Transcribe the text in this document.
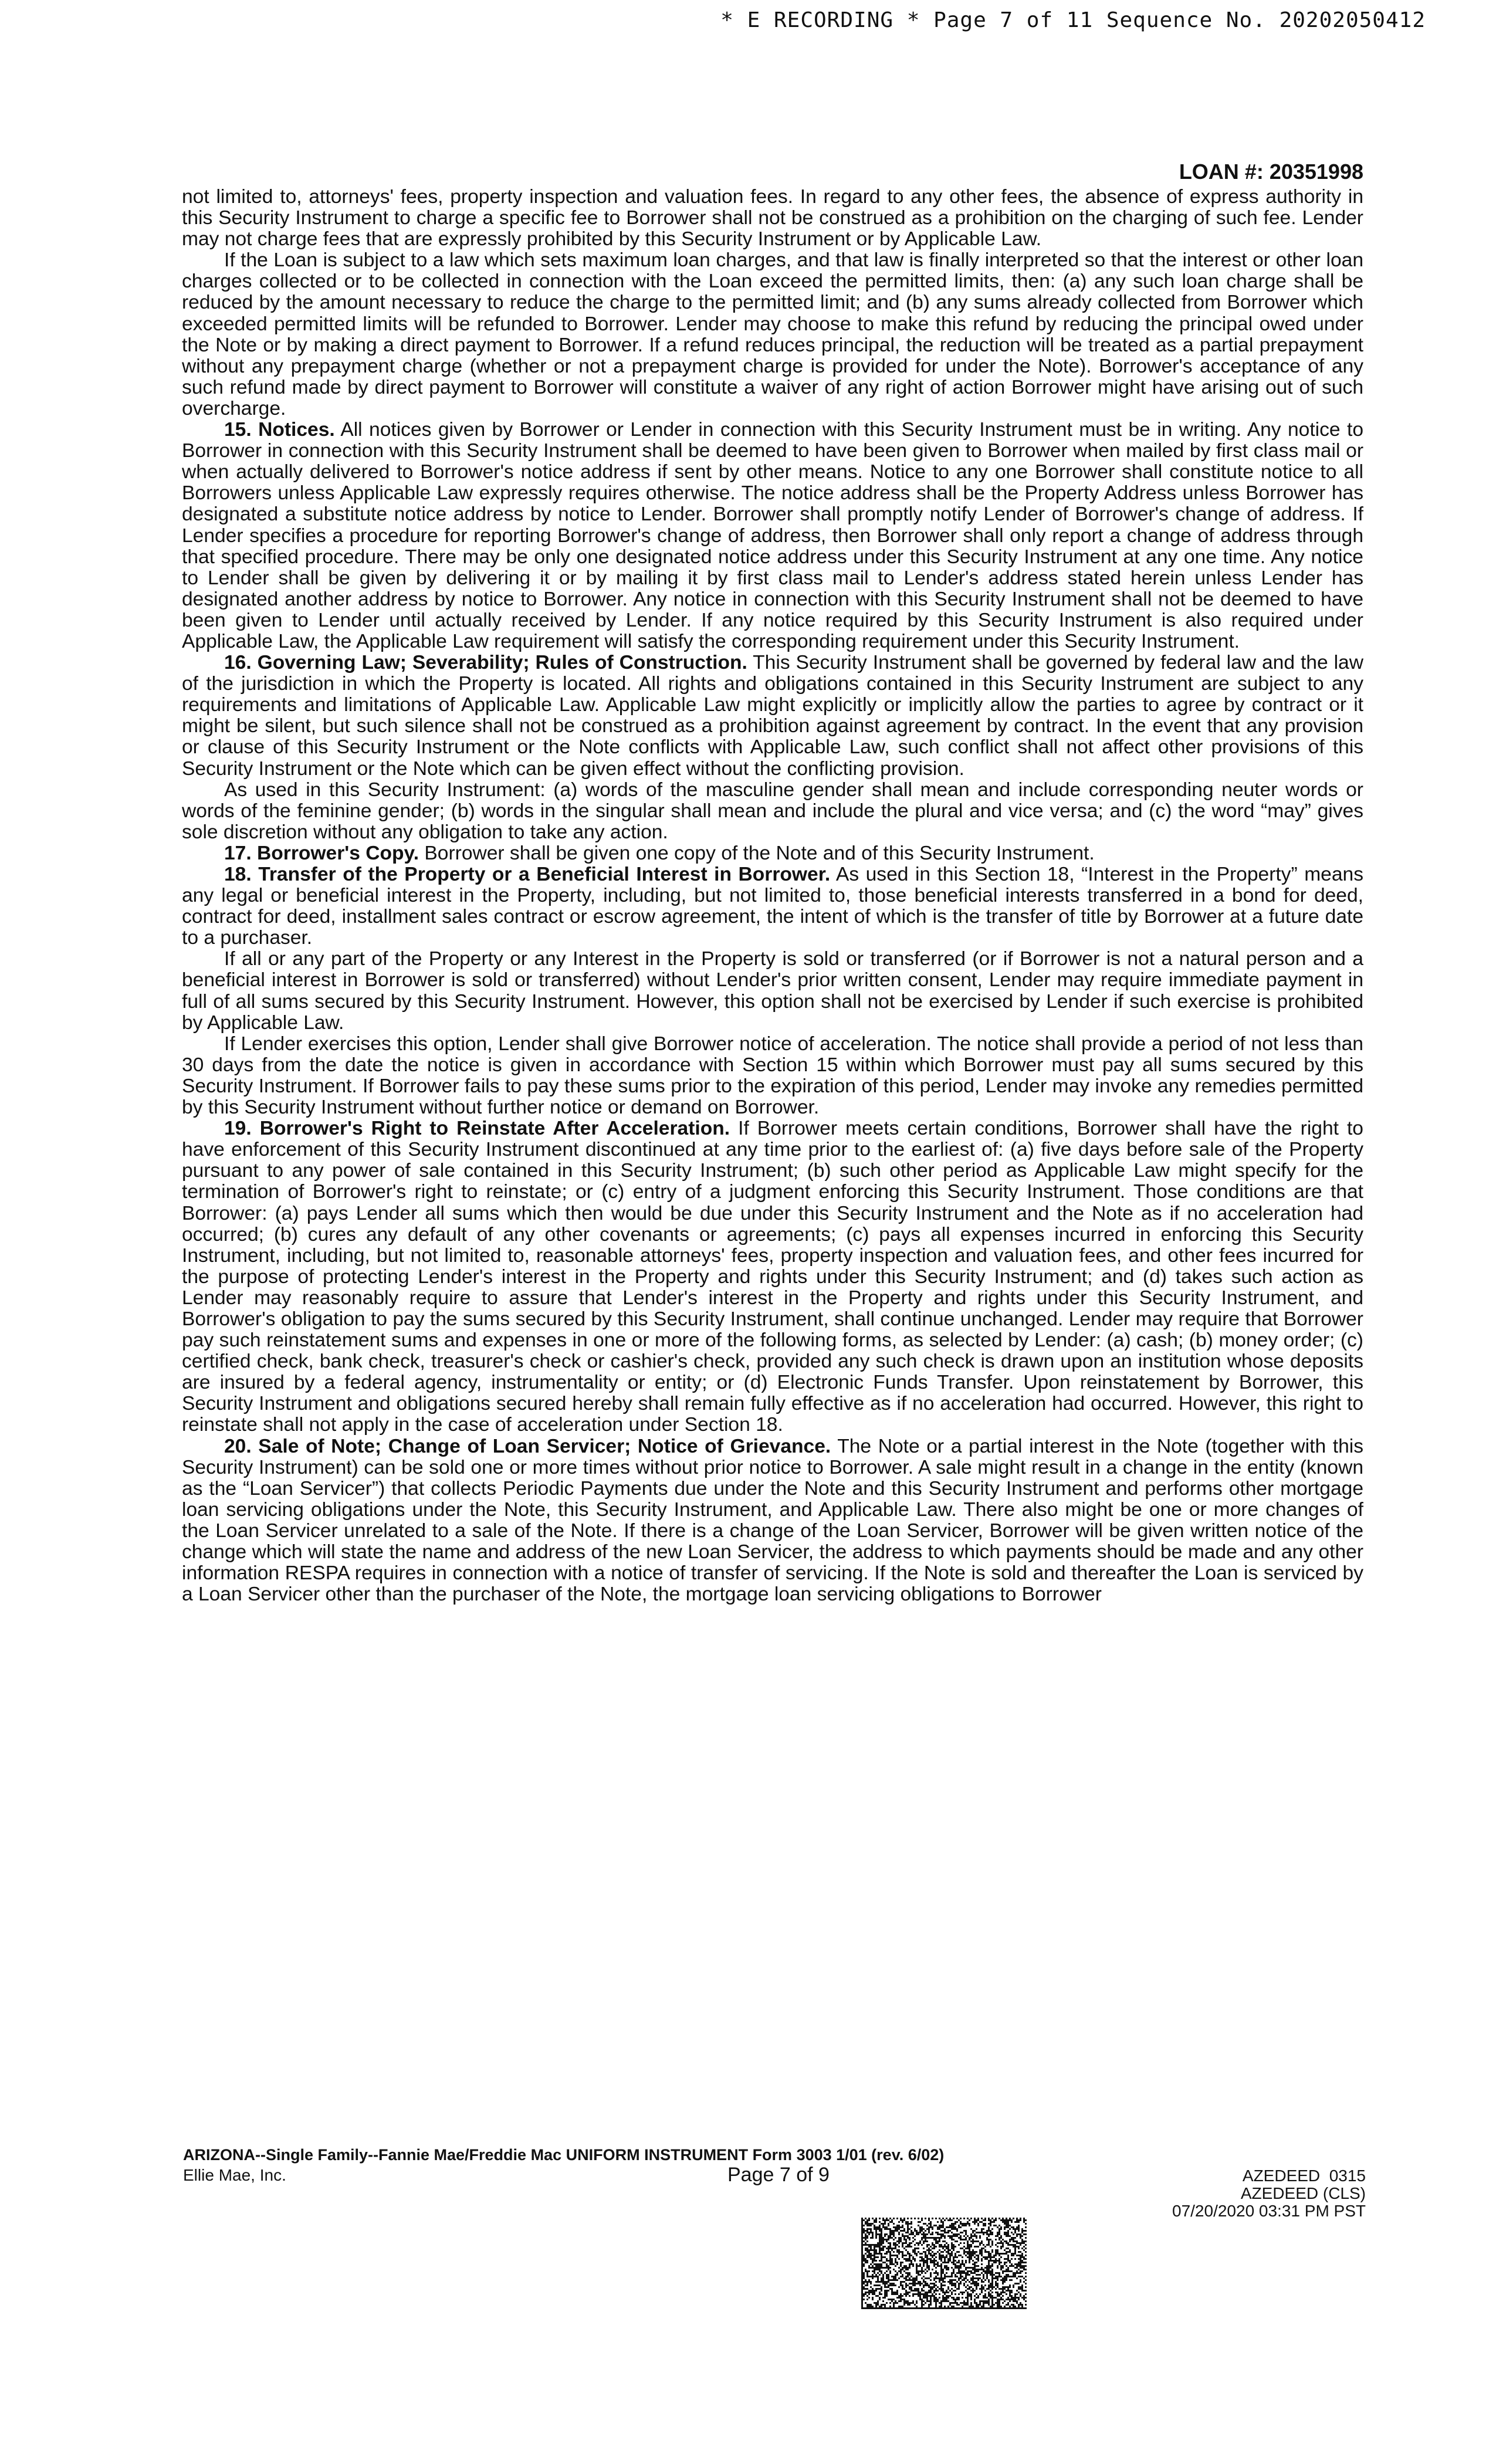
* E RECORDING * Page 7 of 11 Sequence No. 20202050412
LOAN #: 20351998

not limited to, attorneys' fees, property inspection and valuation fees. In regard to any other fees, the absence of express authority in this Security Instrument to charge a specific fee to Borrower shall not be construed as a prohibition on the charging of such fee. Lender may not charge fees that are expressly prohibited by this Security Instrument or by Applicable Law.

If the Loan is subject to a law which sets maximum loan charges, and that law is finally interpreted so that the interest or other loan charges collected or to be collected in connection with the Loan exceed the permitted limits, then: (a) any such loan charge shall be reduced by the amount necessary to reduce the charge to the permitted limit; and (b) any sums already collected from Borrower which exceeded permitted limits will be refunded to Borrower. Lender may choose to make this refund by reducing the principal owed under the Note or by making a direct payment to Borrower. If a refund reduces principal, the reduction will be treated as a partial prepayment without any prepayment charge (whether or not a prepayment charge is provided for under the Note). Borrower's acceptance of any such refund made by direct payment to Borrower will constitute a waiver of any right of action Borrower might have arising out of such overcharge.

15. Notices. All notices given by Borrower or Lender in connection with this Security Instrument must be in writing. Any notice to Borrower in connection with this Security Instrument shall be deemed to have been given to Borrower when mailed by first class mail or when actually delivered to Borrower's notice address if sent by other means. Notice to any one Borrower shall constitute notice to all Borrowers unless Applicable Law expressly requires otherwise. The notice address shall be the Property Address unless Borrower has designated a substitute notice address by notice to Lender. Borrower shall promptly notify Lender of Borrower's change of address. If Lender specifies a procedure for reporting Borrower's change of address, then Borrower shall only report a change of address through that specified procedure. There may be only one designated notice address under this Security Instrument at any one time. Any notice to Lender shall be given by delivering it or by mailing it by first class mail to Lender's address stated herein unless Lender has designated another address by notice to Borrower. Any notice in connection with this Security Instrument shall not be deemed to have been given to Lender until actually received by Lender. If any notice required by this Security Instrument is also required under Applicable Law, the Applicable Law requirement will satisfy the corresponding requirement under this Security Instrument.

16. Governing Law; Severability; Rules of Construction. This Security Instrument shall be governed by federal law and the law of the jurisdiction in which the Property is located. All rights and obligations contained in this Security Instrument are subject to any requirements and limitations of Applicable Law. Applicable Law might explicitly or implicitly allow the parties to agree by contract or it might be silent, but such silence shall not be construed as a prohibition against agreement by contract. In the event that any provision or clause of this Security Instrument or the Note conflicts with Applicable Law, such conflict shall not affect other provisions of this Security Instrument or the Note which can be given effect without the conflicting provision.

As used in this Security Instrument: (a) words of the masculine gender shall mean and include corresponding neuter words or words of the feminine gender; (b) words in the singular shall mean and include the plural and vice versa; and (c) the word “may” gives sole discretion without any obligation to take any action.

17. Borrower's Copy. Borrower shall be given one copy of the Note and of this Security Instrument.

18. Transfer of the Property or a Beneficial Interest in Borrower. As used in this Section 18, “Interest in the Property” means any legal or beneficial interest in the Property, including, but not limited to, those beneficial interests transferred in a bond for deed, contract for deed, installment sales contract or escrow agreement, the intent of which is the transfer of title by Borrower at a future date to a purchaser.

If all or any part of the Property or any Interest in the Property is sold or transferred (or if Borrower is not a natural person and a beneficial interest in Borrower is sold or transferred) without Lender's prior written consent, Lender may require immediate payment in full of all sums secured by this Security Instrument. However, this option shall not be exercised by Lender if such exercise is prohibited by Applicable Law.

If Lender exercises this option, Lender shall give Borrower notice of acceleration. The notice shall provide a period of not less than 30 days from the date the notice is given in accordance with Section 15 within which Borrower must pay all sums secured by this Security Instrument. If Borrower fails to pay these sums prior to the expiration of this period, Lender may invoke any remedies permitted by this Security Instrument without further notice or demand on Borrower.

19. Borrower's Right to Reinstate After Acceleration. If Borrower meets certain conditions, Borrower shall have the right to have enforcement of this Security Instrument discontinued at any time prior to the earliest of: (a) five days before sale of the Property pursuant to any power of sale contained in this Security Instrument; (b) such other period as Applicable Law might specify for the termination of Borrower's right to reinstate; or (c) entry of a judgment enforcing this Security Instrument. Those conditions are that Borrower: (a) pays Lender all sums which then would be due under this Security Instrument and the Note as if no acceleration had occurred; (b) cures any default of any other covenants or agreements; (c) pays all expenses incurred in enforcing this Security Instrument, including, but not limited to, reasonable attorneys' fees, property inspection and valuation fees, and other fees incurred for the purpose of protecting Lender's interest in the Property and rights under this Security Instrument; and (d) takes such action as Lender may reasonably require to assure that Lender's interest in the Property and rights under this Security Instrument, and Borrower's obligation to pay the sums secured by this Security Instrument, shall continue unchanged. Lender may require that Borrower pay such reinstatement sums and expenses in one or more of the following forms, as selected by Lender: (a) cash; (b) money order; (c) certified check, bank check, treasurer's check or cashier's check, provided any such check is drawn upon an institution whose deposits are insured by a federal agency, instrumentality or entity; or (d) Electronic Funds Transfer. Upon reinstatement by Borrower, this Security Instrument and obligations secured hereby shall remain fully effective as if no acceleration had occurred. However, this right to reinstate shall not apply in the case of acceleration under Section 18.

20. Sale of Note; Change of Loan Servicer; Notice of Grievance. The Note or a partial interest in the Note (together with this Security Instrument) can be sold one or more times without prior notice to Borrower. A sale might result in a change in the entity (known as the “Loan Servicer”) that collects Periodic Payments due under the Note and this Security Instrument and performs other mortgage loan servicing obligations under the Note, this Security Instrument, and Applicable Law. There also might be one or more changes of the Loan Servicer unrelated to a sale of the Note. If there is a change of the Loan Servicer, Borrower will be given written notice of the change which will state the name and address of the new Loan Servicer, the address to which payments should be made and any other information RESPA requires in connection with a notice of transfer of servicing. If the Note is sold and thereafter the Loan is serviced by a Loan Servicer other than the purchaser of the Note, the mortgage loan servicing obligations to Borrower

ARIZONA--Single Family--Fannie Mae/Freddie Mac UNIFORM INSTRUMENT Form 3003 1/01 (rev. 6/02)
Ellie Mae, Inc.	Page 7 of 9	AZEDEED  0315
AZEDEED (CLS)
07/20/2020 03:31 PM PST
